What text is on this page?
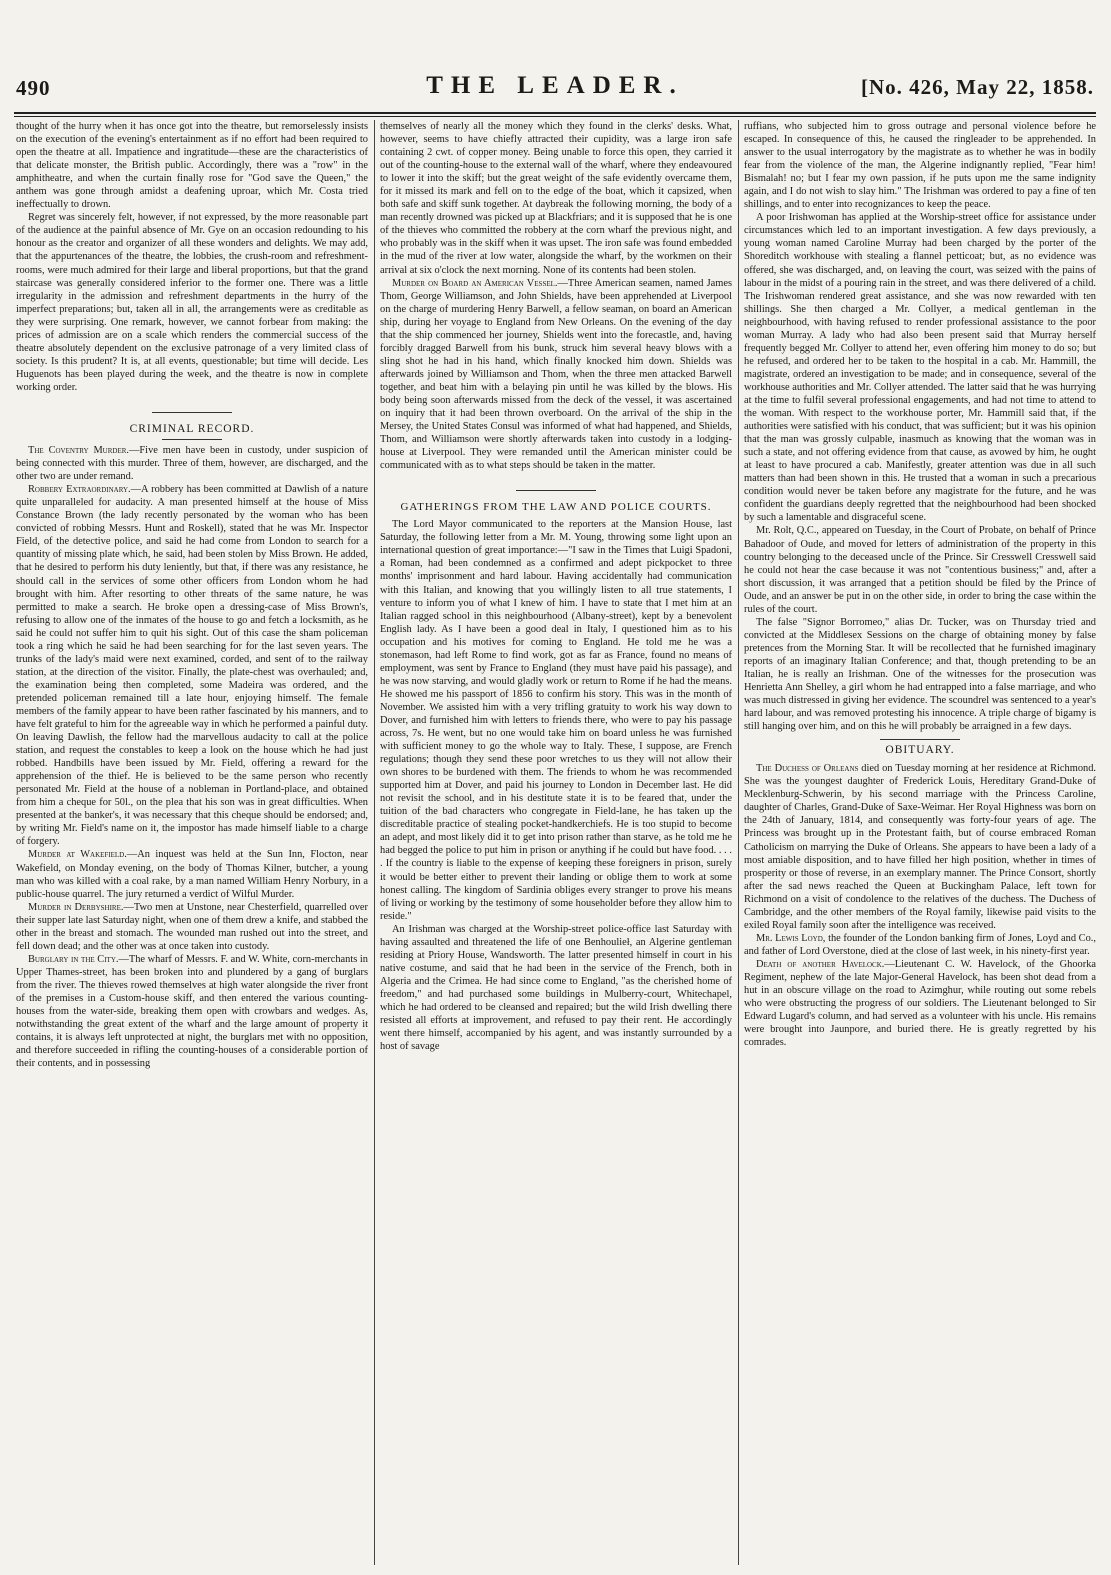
490	THE LEADER.	[No. 426, May 22, 1858.

thought of the hurry when it has once got into the theatre, but remorselessly insists on the execution of the evening's entertainment as if no effort had been required to open the theatre at all. Impatience and ingratitude—these are the characteristics of that delicate monster, the British public. Accordingly, there was a "row" in the amphitheatre, and when the curtain finally rose for "God save the Queen," the anthem was gone through amidst a deafening uproar, which Mr. Costa tried ineffectually to drown.

Regret was sincerely felt, however, if not expressed, by the more reasonable part of the audience at the painful absence of Mr. Gye on an occasion redounding to his honour as the creator and organizer of all these wonders and delights. We may add, that the appurtenances of the theatre, the lobbies, the crush-room and refreshment-rooms, were much admired for their large and liberal proportions, but that the grand staircase was generally considered inferior to the former one. There was a little irregularity in the admission and refreshment departments in the hurry of the imperfect preparations; but, taken all in all, the arrangements were as creditable as they were surprising. One remark, however, we cannot forbear from making: the prices of admission are on a scale which renders the commercial success of the theatre absolutely dependent on the exclusive patronage of a very limited class of society. Is this prudent? It is, at all events, questionable; but time will decide. Les Huguenots has been played during the week, and the theatre is now in complete working order.

CRIMINAL RECORD.

The Coventry Murder.—Five men have been in custody, under suspicion of being connected with this murder. Three of them, however, are discharged, and the other two are under remand.

Robbery Extraordinary.—A robbery has been committed at Dawlish of a nature quite unparalleled for audacity. A man presented himself at the house of Miss Constance Brown (the lady recently personated by the woman who has been convicted of robbing Messrs. Hunt and Roskell), stated that he was Mr. Inspector Field, of the detective police, and said he had come from London to search for a quantity of missing plate which, he said, had been stolen by Miss Brown. He added, that he desired to perform his duty leniently, but that, if there was any resistance, he should call in the services of some other officers from London whom he had brought with him. After resorting to other threats of the same nature, he was permitted to make a search. He broke open a dressing-case of Miss Brown's, refusing to allow one of the inmates of the house to go and fetch a locksmith, as he said he could not suffer him to quit his sight. Out of this case the sham policeman took a ring which he said he had been searching for for the last seven years. The trunks of the lady's maid were next examined, corded, and sent of to the railway station, at the direction of the visitor. Finally, the plate-chest was overhauled; and, the examination being then completed, some Madeira was ordered, and the pretended policeman remained till a late hour, enjoying himself. The female members of the family appear to have been rather fascinated by his manners, and to have felt grateful to him for the agreeable way in which he performed a painful duty. On leaving Dawlish, the fellow had the marvellous audacity to call at the police station, and request the constables to keep a look on the house which he had just robbed. Handbills have been issued by Mr. Field, offering a reward for the apprehension of the thief. He is believed to be the same person who recently personated Mr. Field at the house of a nobleman in Portland-place, and obtained from him a cheque for 50l., on the plea that his son was in great difficulties. When presented at the banker's, it was necessary that this cheque should be endorsed; and, by writing Mr. Field's name on it, the impostor has made himself liable to a charge of forgery.

Murder at Wakefield.—An inquest was held at the Sun Inn, Flocton, near Wakefield, on Monday evening, on the body of Thomas Kilner, butcher, a young man who was killed with a coal rake, by a man named William Henry Norbury, in a public-house quarrel. The jury returned a verdict of Wilful Murder.

Murder in Derbyshire.—Two men at Unstone, near Chesterfield, quarrelled over their supper late last Saturday night, when one of them drew a knife, and stabbed the other in the breast and stomach. The wounded man rushed out into the street, and fell down dead; and the other was at once taken into custody.

Burglary in the City.—The wharf of Messrs. F. and W. White, corn-merchants in Upper Thames-street, has been broken into and plundered by a gang of burglars from the river. The thieves rowed themselves at high water alongside the river front of the premises in a Custom-house skiff, and then entered the various counting-houses from the water-side, breaking them open with crowbars and wedges. As, notwithstanding the great extent of the wharf and the large amount of property it contains, it is always left unprotected at night, the burglars met with no opposition, and therefore succeeded in rifling the counting-houses of a considerable portion of their contents, and in possessing

themselves of nearly all the money which they found in the clerks' desks. What, however, seems to have chiefly attracted their cupidity, was a large iron safe containing 2 cwt. of copper money. Being unable to force this open, they carried it out of the counting-house to the external wall of the wharf, where they endeavoured to lower it into the skiff; but the great weight of the safe evidently overcame them, for it missed its mark and fell on to the edge of the boat, which it capsized, when both safe and skiff sunk together. At daybreak the following morning, the body of a man recently drowned was picked up at Blackfriars; and it is supposed that he is one of the thieves who committed the robbery at the corn wharf the previous night, and who probably was in the skiff when it was upset. The iron safe was found embedded in the mud of the river at low water, alongside the wharf, by the workmen on their arrival at six o'clock the next morning. None of its contents had been stolen.

Murder on Board an American Vessel.—Three American seamen, named James Thom, George Williamson, and John Shields, have been apprehended at Liverpool on the charge of murdering Henry Barwell, a fellow seaman, on board an American ship, during her voyage to England from New Orleans. On the evening of the day that the ship commenced her journey, Shields went into the forecastle, and, having forcibly dragged Barwell from his bunk, struck him several heavy blows with a sling shot he had in his hand, which finally knocked him down. Shields was afterwards joined by Williamson and Thom, when the three men attacked Barwell together, and beat him with a belaying pin until he was killed by the blows. His body being soon afterwards missed from the deck of the vessel, it was ascertained on inquiry that it had been thrown overboard. On the arrival of the ship in the Mersey, the United States Consul was informed of what had happened, and Shields, Thom, and Williamson were shortly afterwards taken into custody in a lodging-house at Liverpool. They were remanded until the American minister could be communicated with as to what steps should be taken in the matter.

GATHERINGS FROM THE LAW AND POLICE COURTS.

The Lord Mayor communicated to the reporters at the Mansion House, last Saturday, the following letter from a Mr. M. Young, throwing some light upon an international question of great importance:—"I saw in the Times that Luigi Spadoni, a Roman, had been condemned as a confirmed and adept pickpocket to three months' imprisonment and hard labour. Having accidentally had communication with this Italian, and knowing that you willingly listen to all true statements, I venture to inform you of what I knew of him. I have to state that I met him at an Italian ragged school in this neighbourhood (Albany-street), kept by a benevolent English lady. As I have been a good deal in Italy, I questioned him as to his occupation and his motives for coming to England. He told me he was a stonemason, had left Rome to find work, got as far as France, found no means of employment, was sent by France to England (they must have paid his passage), and he was now starving, and would gladly work or return to Rome if he had the means. He showed me his passport of 1856 to confirm his story. This was in the month of November. We assisted him with a very trifling gratuity to work his way down to Dover, and furnished him with letters to friends there, who were to pay his passage across, 7s. He went, but no one would take him on board unless he was furnished with sufficient money to go the whole way to Italy. These, I suppose, are French regulations; though they send these poor wretches to us they will not allow their own shores to be burdened with them. The friends to whom he was recommended supported him at Dover, and paid his journey to London in December last. He did not revisit the school, and in his destitute state it is to be feared that, under the tuition of the bad characters who congregate in Field-lane, he has taken up the discreditable practice of stealing pocket-handkerchiefs. He is too stupid to become an adept, and most likely did it to get into prison rather than starve, as he told me he had begged the police to put him in prison or anything if he could but have food. . . . . If the country is liable to the expense of keeping these foreigners in prison, surely it would be better either to prevent their landing or oblige them to work at some honest calling. The kingdom of Sardinia obliges every stranger to prove his means of living or working by the testimony of some householder before they allow him to reside."

An Irishman was charged at the Worship-street police-office last Saturday with having assaulted and threatened the life of one Benhoulieł, an Algerine gentleman residing at Priory House, Wandsworth. The latter presented himself in court in his native costume, and said that he had been in the service of the French, both in Algeria and the Crimea. He had since come to England, "as the cherished home of freedom," and had purchased some buildings in Mulberry-court, Whitechapel, which he had ordered to be cleansed and repaired; but the wild Irish dwelling there resisted all efforts at improvement, and refused to pay their rent. He accordingly went there himself, accompanied by his agent, and was instantly surrounded by a host of savage

ruffians, who subjected him to gross outrage and personal violence before he escaped. In consequence of this, he caused the ringleader to be apprehended. In answer to the usual interrogatory by the magistrate as to whether he was in bodily fear from the violence of the man, the Algerine indignantly replied, "Fear him! Bismalah! no; but I fear my own passion, if he puts upon me the same indignity again, and I do not wish to slay him." The Irishman was ordered to pay a fine of ten shillings, and to enter into recognizances to keep the peace.

A poor Irishwoman has applied at the Worship-street office for assistance under circumstances which led to an important investigation. A few days previously, a young woman named Caroline Murray had been charged by the porter of the Shoreditch workhouse with stealing a flannel petticoat; but, as no evidence was offered, she was discharged, and, on leaving the court, was seized with the pains of labour in the midst of a pouring rain in the street, and was there delivered of a child. The Irishwoman rendered great assistance, and she was now rewarded with ten shillings. She then charged a Mr. Collyer, a medical gentleman in the neighbourhood, with having refused to render professional assistance to the poor woman Murray. A lady who had also been present said that Murray herself frequently begged Mr. Collyer to attend her, even offering him money to do so; but he refused, and ordered her to be taken to the hospital in a cab. Mr. Hammill, the magistrate, ordered an investigation to be made; and in consequence, several of the workhouse authorities and Mr. Collyer attended. The latter said that he was hurrying at the time to fulfil several professional engagements, and had not time to attend to the woman. With respect to the workhouse porter, Mr. Hammill said that, if the authorities were satisfied with his conduct, that was sufficient; but it was his opinion that the man was grossly culpable, inasmuch as knowing that the woman was in such a state, and not offering evidence from that cause, as avowed by him, he ought at least to have procured a cab. Manifestly, greater attention was due in all such matters than had been shown in this. He trusted that a woman in such a precarious condition would never be taken before any magistrate for the future, and he was confident the guardians deeply regretted that the neighbourhood had been shocked by such a lamentable and disgraceful scene.

Mr. Rolt, Q.C., appeared on Tuesday, in the Court of Probate, on behalf of Prince Bahadoor of Oude, and moved for letters of administration of the property in this country belonging to the deceased uncle of the Prince. Sir Cresswell Cresswell said he could not hear the case because it was not "contentious business;" and, after a short discussion, it was arranged that a petition should be filed by the Prince of Oude, and an answer be put in on the other side, in order to bring the case within the rules of the court.

The false "Signor Borromeo," alias Dr. Tucker, was on Thursday tried and convicted at the Middlesex Sessions on the charge of obtaining money by false pretences from the Morning Star. It will be recollected that he furnished imaginary reports of an imaginary Italian Conference; and that, though pretending to be an Italian, he is really an Irishman. One of the witnesses for the prosecution was Henrietta Ann Shelley, a girl whom he had entrapped into a false marriage, and who was much distressed in giving her evidence. The scoundrel was sentenced to a year's hard labour, and was removed protesting his innocence. A triple charge of bigamy is still hanging over him, and on this he will probably be arraigned in a few days.

OBITUARY.

The Duchess of Orleans died on Tuesday morning at her residence at Richmond. She was the youngest daughter of Frederick Louis, Hereditary Grand-Duke of Mecklenburg-Schwerin, by his second marriage with the Princess Caroline, daughter of Charles, Grand-Duke of Saxe-Weimar. Her Royal Highness was born on the 24th of January, 1814, and consequently was forty-four years of age. The Princess was brought up in the Protestant faith, but of course embraced Roman Catholicism on marrying the Duke of Orleans. She appears to have been a lady of a most amiable disposition, and to have filled her high position, whether in times of prosperity or those of reverse, in an exemplary manner. The Prince Consort, shortly after the sad news reached the Queen at Buckingham Palace, left town for Richmond on a visit of condolence to the relatives of the duchess. The Duchess of Cambridge, and the other members of the Royal family, likewise paid visits to the exiled Royal family soon after the intelligence was received.

Mr. Lewis Loyd, the founder of the London banking firm of Jones, Loyd and Co., and father of Lord Overstone, died at the close of last week, in his ninety-first year.

Death of another Havelock.—Lieutenant C. W. Havelock, of the Ghoorka Regiment, nephew of the late Major-General Havelock, has been shot dead from a hut in an obscure village on the road to Azimghur, while routing out some rebels who were obstructing the progress of our soldiers. The Lieutenant belonged to Sir Edward Lugard's column, and had served as a volunteer with his uncle. His remains were brought into Jaunpore, and buried there. He is greatly regretted by his comrades.
